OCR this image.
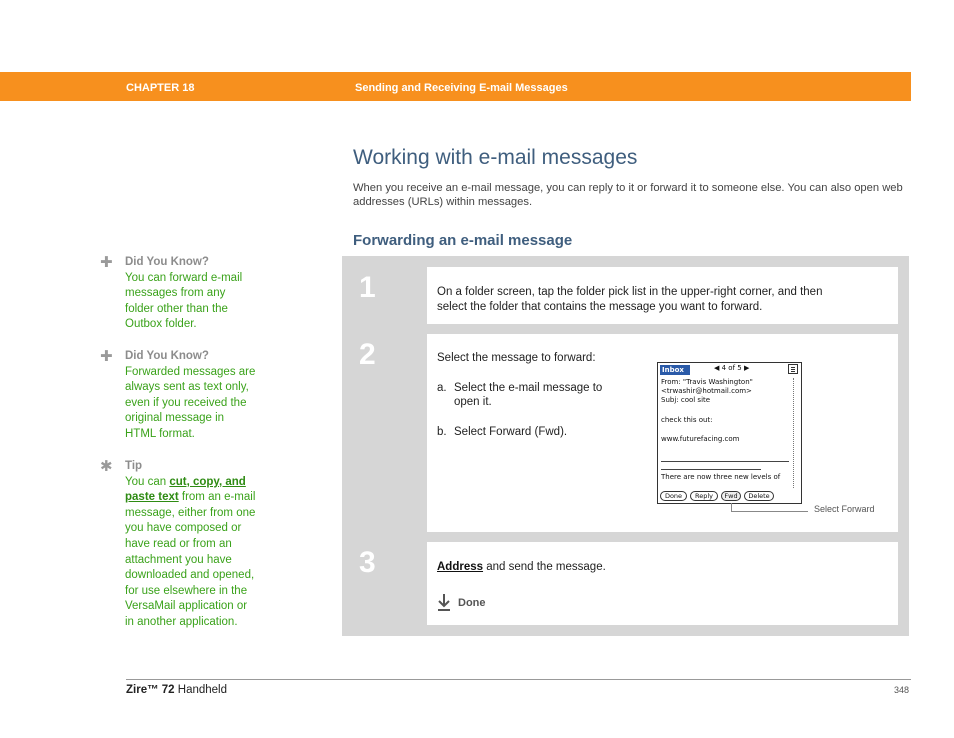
CHAPTER 18	Sending and Receiving E-mail Messages
Working with e-mail messages

When you receive an e-mail message, you can reply to it or forward it to someone else. You can also open web addresses (URLs) within messages.

Forwarding an e-mail message
✚ Did You Know?
You can forward e-mail
messages from any
folder other than the
Outbox folder.
✚ Did You Know?
Forwarded messages are
always sent as text only,
even if you received the
original message in
HTML format.
✱ Tip
You can cut, copy, and
paste text from an e-mail
message, either from one
you have composed or
have read or from an
attachment you have
downloaded and opened,
for use elsewhere in the
VersaMail application or
in another application.
1	On a folder screen, tap the folder pick list in the upper-right corner, and then
select the folder that contains the message you want to forward.
2	Select the message to forward:
a. Select the e-mail message to
open it.
b. Select Forward (Fwd).
Inbox	◀ 4 of 5 ▶
From: "Travis Washington"
<trwashir@hotmail.com>
Subj: cool site
check this out:
www.futurefacing.com
There are now three new levels of
Done	Reply	Fwd	Delete
Select Forward
3	Address and send the message.
Done
Zire™ 72 Handheld	348
